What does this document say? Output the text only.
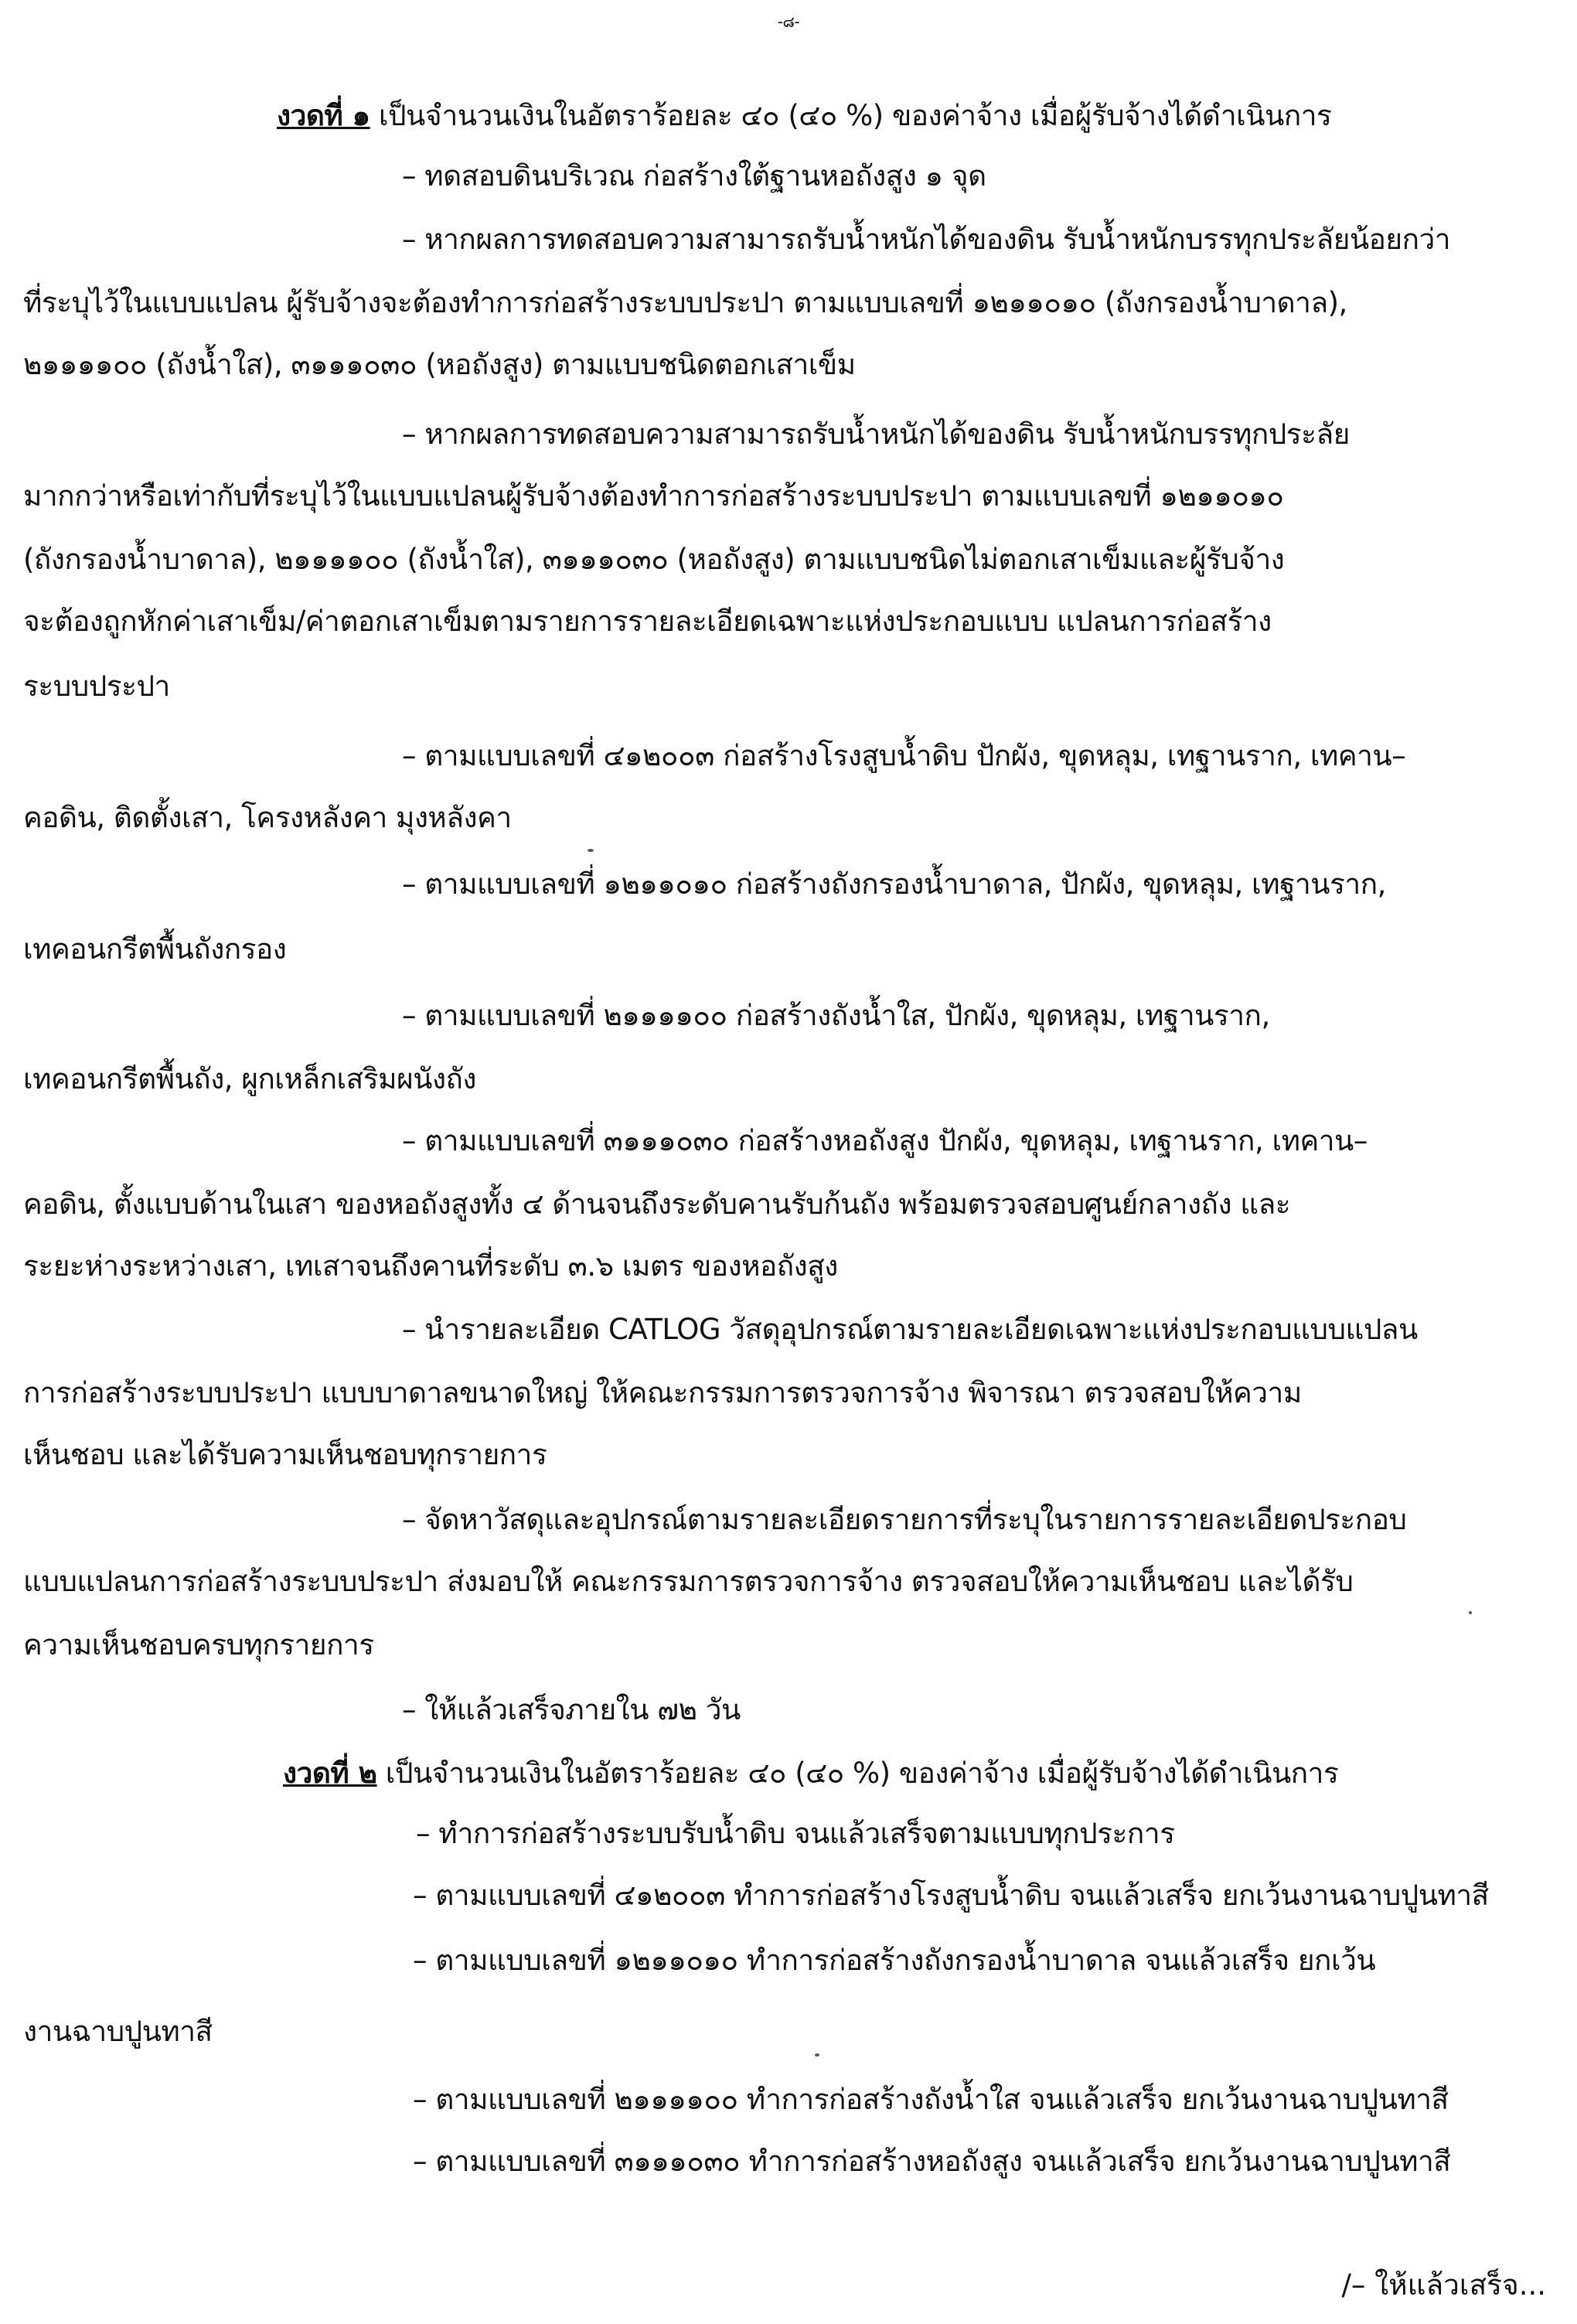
-๘-
งวดที่ ๑ เป็นจำนวนเงินในอัตราร้อยละ ๔๐ (๔๐ %) ของค่าจ้าง เมื่อผู้รับจ้างได้ดำเนินการ
– ทดสอบดินบริเวณ ก่อสร้างใต้ฐานหอถังสูง ๑ จุด
– หากผลการทดสอบความสามารถรับน้ำหนักได้ของดิน รับน้ำหนักบรรทุกประลัยน้อยกว่า
ที่ระบุไว้ในแบบแปลน ผู้รับจ้างจะต้องทำการก่อสร้างระบบประปา ตามแบบเลขที่ ๑๒๑๑๐๑๐ (ถังกรองน้ำบาดาล),
๒๑๑๑๑๐๐ (ถังน้ำใส), ๓๑๑๑๐๓๐ (หอถังสูง) ตามแบบชนิดตอกเสาเข็ม
– หากผลการทดสอบความสามารถรับน้ำหนักได้ของดิน รับน้ำหนักบรรทุกประลัย
มากกว่าหรือเท่ากับที่ระบุไว้ในแบบแปลนผู้รับจ้างต้องทำการก่อสร้างระบบประปา ตามแบบเลขที่ ๑๒๑๑๐๑๐
(ถังกรองน้ำบาดาล), ๒๑๑๑๑๐๐ (ถังน้ำใส), ๓๑๑๑๐๓๐ (หอถังสูง) ตามแบบชนิดไม่ตอกเสาเข็มและผู้รับจ้าง
จะต้องถูกหักค่าเสาเข็ม/ค่าตอกเสาเข็มตามรายการรายละเอียดเฉพาะแห่งประกอบแบบ แปลนการก่อสร้าง
ระบบประปา
– ตามแบบเลขที่ ๔๑๒๐๐๓ ก่อสร้างโรงสูบน้ำดิบ ปักผัง, ขุดหลุม, เทฐานราก, เทคาน–
คอดิน, ติดตั้งเสา, โครงหลังคา มุงหลังคา
– ตามแบบเลขที่ ๑๒๑๑๐๑๐ ก่อสร้างถังกรองน้ำบาดาล, ปักผัง, ขุดหลุม, เทฐานราก,
เทคอนกรีตพื้นถังกรอง
– ตามแบบเลขที่ ๒๑๑๑๑๐๐ ก่อสร้างถังน้ำใส, ปักผัง, ขุดหลุม, เทฐานราก,
เทคอนกรีตพื้นถัง, ผูกเหล็กเสริมผนังถัง
– ตามแบบเลขที่ ๓๑๑๑๐๓๐ ก่อสร้างหอถังสูง ปักผัง, ขุดหลุม, เทฐานราก, เทคาน–
คอดิน, ตั้งแบบด้านในเสา ของหอถังสูงทั้ง ๔ ด้านจนถึงระดับคานรับก้นถัง พร้อมตรวจสอบศูนย์กลางถัง และ
ระยะห่างระหว่างเสา, เทเสาจนถึงคานที่ระดับ ๓.๖ เมตร ของหอถังสูง
– นำรายละเอียด CATLOG วัสดุอุปกรณ์ตามรายละเอียดเฉพาะแห่งประกอบแบบแปลน
การก่อสร้างระบบประปา แบบบาดาลขนาดใหญ่ ให้คณะกรรมการตรวจการจ้าง พิจารณา ตรวจสอบให้ความ
เห็นชอบ และได้รับความเห็นชอบทุกรายการ
– จัดหาวัสดุและอุปกรณ์ตามรายละเอียดรายการที่ระบุในรายการรายละเอียดประกอบ
แบบแปลนการก่อสร้างระบบประปา ส่งมอบให้ คณะกรรมการตรวจการจ้าง ตรวจสอบให้ความเห็นชอบ และได้รับ
ความเห็นชอบครบทุกรายการ
– ให้แล้วเสร็จภายใน ๗๒ วัน
งวดที่ ๒ เป็นจำนวนเงินในอัตราร้อยละ ๔๐ (๔๐ %) ของค่าจ้าง เมื่อผู้รับจ้างได้ดำเนินการ
– ทำการก่อสร้างระบบรับน้ำดิบ จนแล้วเสร็จตามแบบทุกประการ
– ตามแบบเลขที่ ๔๑๒๐๐๓ ทำการก่อสร้างโรงสูบน้ำดิบ จนแล้วเสร็จ ยกเว้นงานฉาบปูนทาสี
– ตามแบบเลขที่ ๑๒๑๑๐๑๐ ทำการก่อสร้างถังกรองน้ำบาดาล จนแล้วเสร็จ ยกเว้น
งานฉาบปูนทาสี
– ตามแบบเลขที่ ๒๑๑๑๑๐๐ ทำการก่อสร้างถังน้ำใส จนแล้วเสร็จ ยกเว้นงานฉาบปูนทาสี
– ตามแบบเลขที่ ๓๑๑๑๐๓๐ ทำการก่อสร้างหอถังสูง จนแล้วเสร็จ ยกเว้นงานฉาบปูนทาสี
/– ให้แล้วเสร็จ...
